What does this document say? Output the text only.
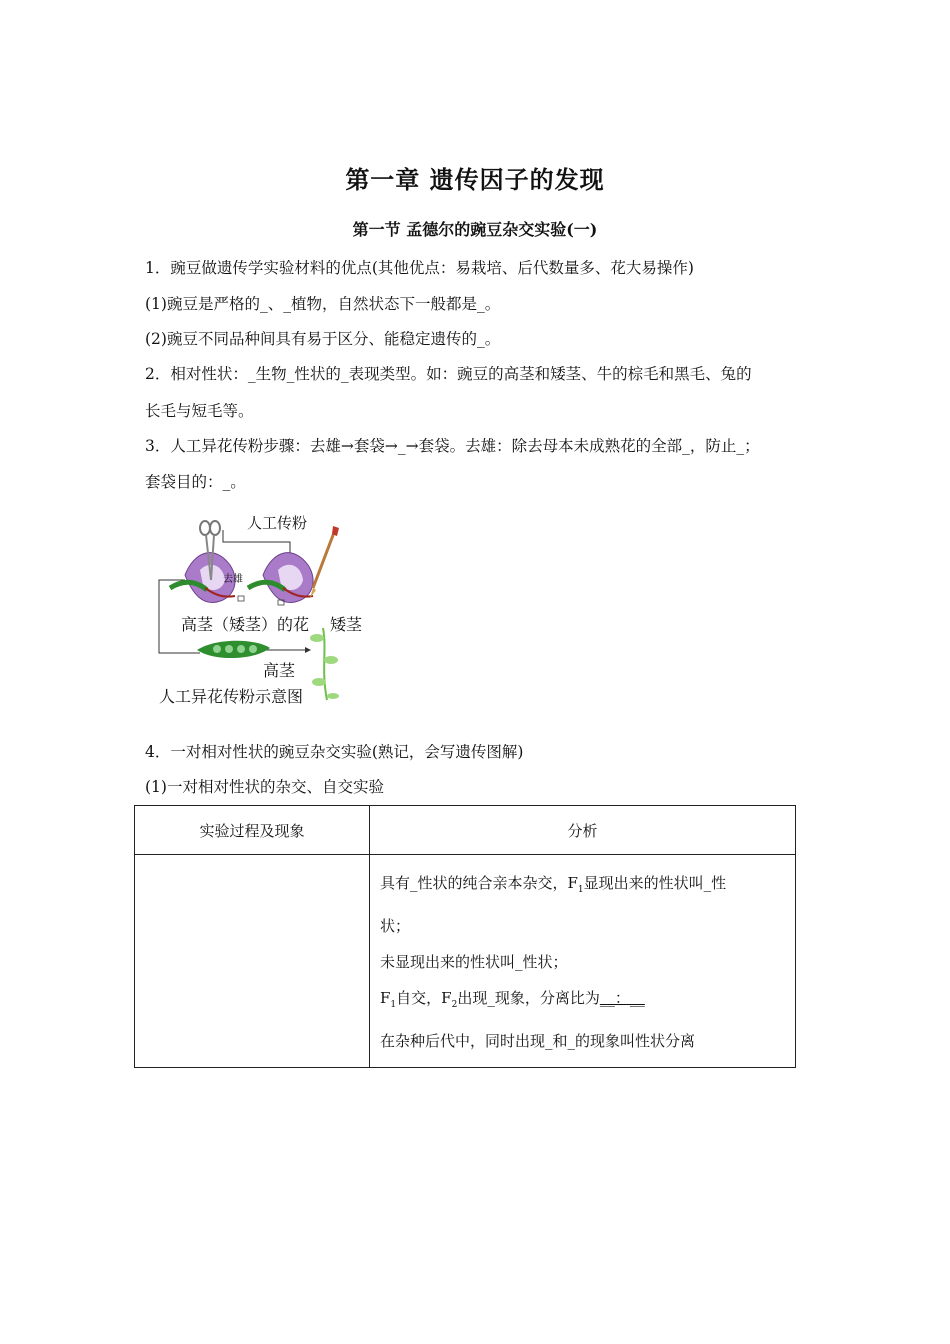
第一章 遗传因子的发现
第一节 孟德尔的豌豆杂交实验(一)
1．豌豆做遗传学实验材料的优点(其他优点：易栽培、后代数量多、花大易操作)
(1)豌豆是严格的_、_植物，自然状态下一般都是_。
(2)豌豆不同品种间具有易于区分、能稳定遗传的_。
2．相对性状：_生物_性状的_表现类型。如：豌豆的高茎和矮茎、牛的棕毛和黑毛、兔的
长毛与短毛等。
3．人工异花传粉步骤：去雄→套袋→_→套袋。去雄：除去母本未成熟花的全部_，防止_；
套袋目的：_。
人工传粉
去雄
高茎（矮茎）的花 矮茎
高茎
人工异花传粉示意图
4．一对相对性状的豌豆杂交实验(熟记，会写遗传图解)
(1)一对相对性状的杂交、自交实验
实验过程及现象	分析

	具有_性状的纯合亲本杂交，$F_1$显现出来的性状叫_性
状；
未显现出来的性状叫_性状；
$F_1$自交，$F_2$出现_现象，分离比为__：__
在杂种后代中，同时出现_和_的现象叫性状分离
